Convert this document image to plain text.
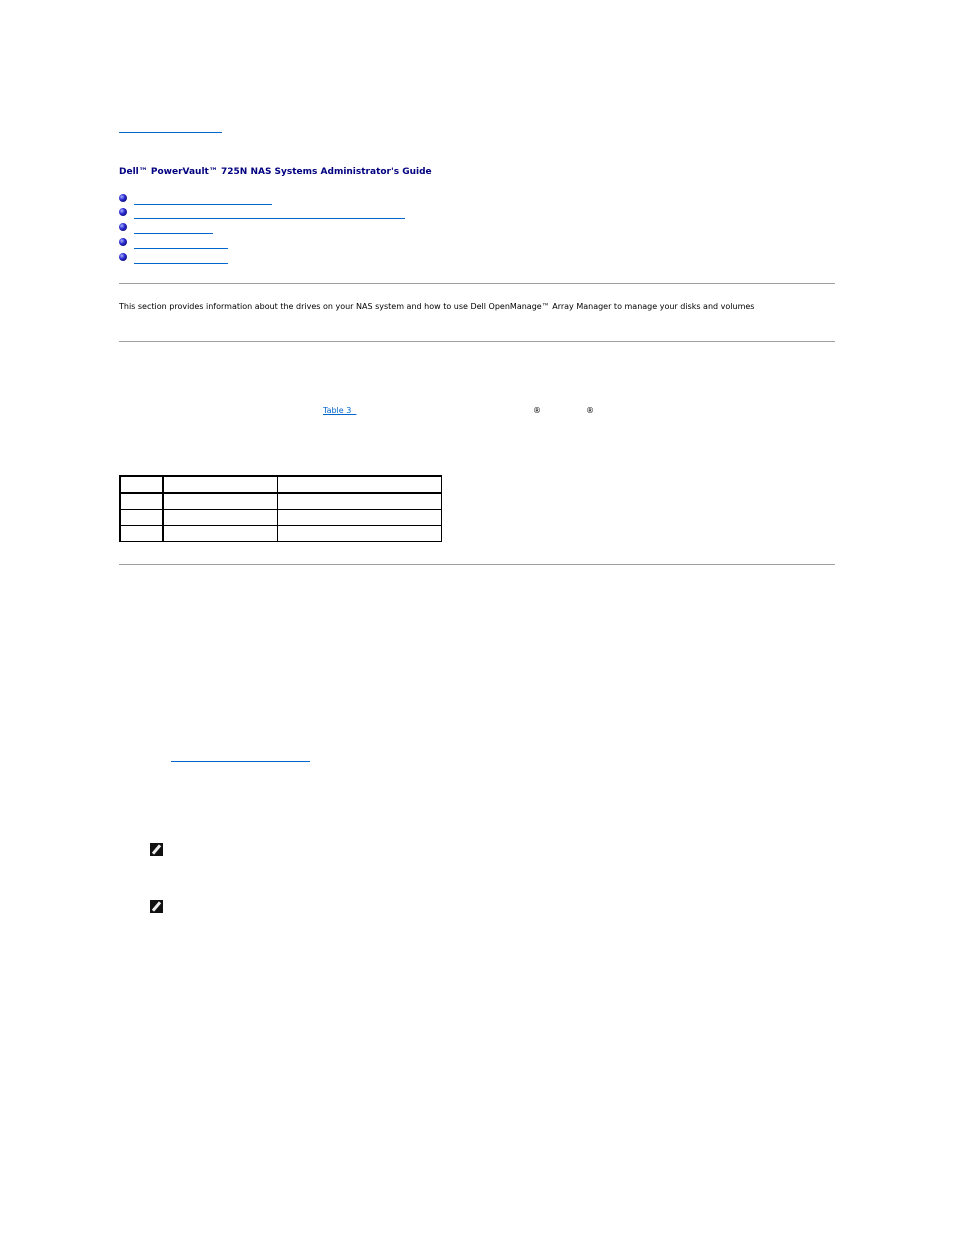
Dell™ PowerVault™ 725N NAS Systems Administrator's Guide
This section provides information about the drives on your NAS system and how to use Dell OpenManage™ Array Manager to manage your disks and volumes
Table 3	®	®
